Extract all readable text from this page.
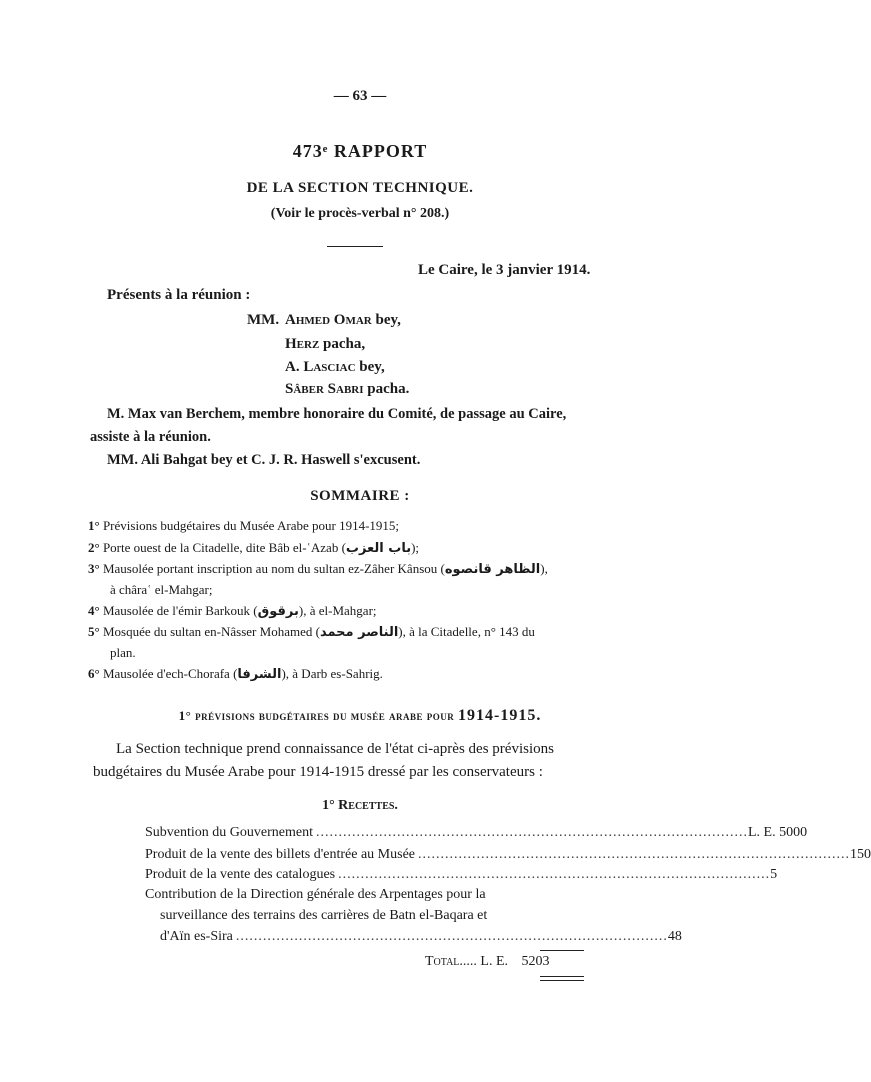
— 63 —
473ᵉ RAPPORT
DE LA SECTION TECHNIQUE.
(Voir le procès-verbal n° 208.)
Le Caire, le 3 janvier 1914.
Présents à la réunion :
MM. Ahmed Omar bey,
Herz pacha,
A. Lasciac bey,
Sâber Sabri pacha.
M. Max van Berchem, membre honoraire du Comité, de passage au Caire,
assiste à la réunion.
MM. Ali Bahgat bey et C. J. R. Haswell s'excusent.
SOMMAIRE :
1° Prévisions budgétaires du Musée Arabe pour 1914-1915;
2° Porte ouest de la Citadelle, dite Bâb el-ʿAzab (باب العزب);
3° Mausolée portant inscription au nom du sultan ez-Zâher Kânsou (الظاهر قانصوه),
à châraʿ el-Mahgar;
4° Mausolée de l'émir Barkouk (برقوق), à el-Mahgar;
5° Mosquée du sultan en-Nâsser Mohamed (الناصر محمد), à la Citadelle, n° 143 du
plan.
6° Mausolée d'ech-Chorafa (الشرفا), à Darb es-Sahrig.
1° prévisions budgétaires du musée arabe pour 1914-1915.
La Section technique prend connaissance de l'état ci-après des prévisions
budgétaires du Musée Arabe pour 1914-1915 dressé par les conservateurs :
1° Recettes.
Subvention du Gouvernement ................................................................................................ L. E. 5000
Produit de la vente des billets d'entrée au Musée ................................................................................................ 150
Produit de la vente des catalogues ................................................................................................ 5
Contribution de la Direction générale des Arpentages pour la
surveillance des terrains des carrières de Batn el-Baqara et
d'Aïn es-Sira ................................................................................................ 48
Total..... L. E. 5203
